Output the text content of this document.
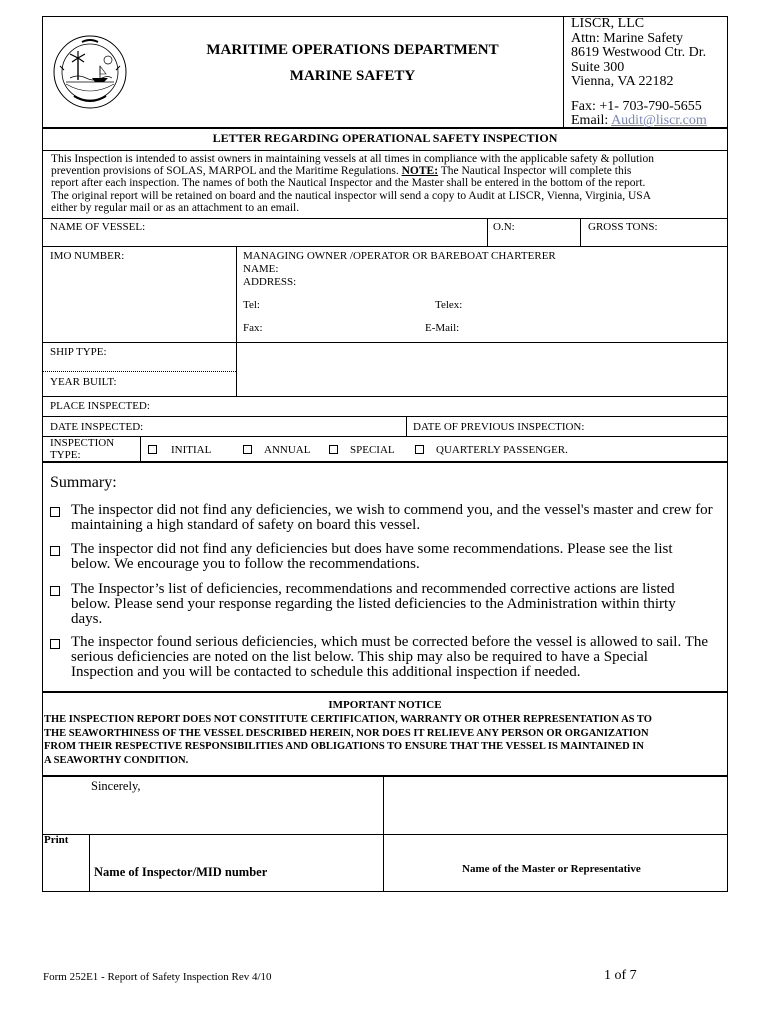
MARITIME OPERATIONS DEPARTMENT
MARINE SAFETY
LISCR, LLC
Attn: Marine Safety
8619 Westwood Ctr. Dr.
Suite 300
Vienna, VA 22182
Fax: +1- 703-790-5655
Email: Audit@liscr.com
LETTER REGARDING OPERATIONAL SAFETY INSPECTION
This Inspection is intended to assist owners in maintaining vessels at all times in compliance with the applicable safety & pollution
prevention provisions of SOLAS, MARPOL and the Maritime Regulations. NOTE: The Nautical Inspector will complete this
report after each inspection. The names of both the Nautical Inspector and the Master shall be entered in the bottom of the report.
The original report will be retained on board and the nautical inspector will send a copy to Audit at LISCR, Vienna, Virginia, USA
either by regular mail or as an attachment to an email.
NAME OF VESSEL:	O.N:	GROSS TONS:
IMO NUMBER:	MANAGING OWNER /OPERATOR OR BAREBOAT CHARTERER
NAME:
ADDRESS:
Tel:	Telex:
Fax:	E-Mail:
SHIP TYPE:
YEAR BUILT:
PLACE INSPECTED:
DATE INSPECTED:	DATE OF PREVIOUS INSPECTION:
INSPECTION
TYPE:	INITIAL	ANNUAL	SPECIAL	QUARTERLY PASSENGER.
Summary:
The inspector did not find any deficiencies, we wish to commend you, and the vessel's master and crew for
maintaining a high standard of safety on board this vessel.
The inspector did not find any deficiencies but does have some recommendations. Please see the list
below. We encourage you to follow the recommendations.
The Inspector’s list of deficiencies, recommendations and recommended corrective actions are listed
below. Please send your response regarding the listed deficiencies to the Administration within thirty
days.
The inspector found serious deficiencies, which must be corrected before the vessel is allowed to sail. The
serious deficiencies are noted on the list below. This ship may also be required to have a Special
Inspection and you will be contacted to schedule this additional inspection if needed.
IMPORTANT NOTICE
THE INSPECTION REPORT DOES NOT CONSTITUTE CERTIFICATION, WARRANTY OR OTHER REPRESENTATION AS TO
THE SEAWORTHINESS OF THE VESSEL DESCRIBED HEREIN, NOR DOES IT RELIEVE ANY PERSON OR ORGANIZATION
FROM THEIR RESPECTIVE RESPONSIBILITIES AND OBLIGATIONS TO ENSURE THAT THE VESSEL IS MAINTAINED IN
A SEAWORTHY CONDITION.
Sincerely,
Print
Name of Inspector/MID number	Name of the Master or Representative
Form 252E1 - Report of Safety Inspection Rev 4/10	1 of 7
